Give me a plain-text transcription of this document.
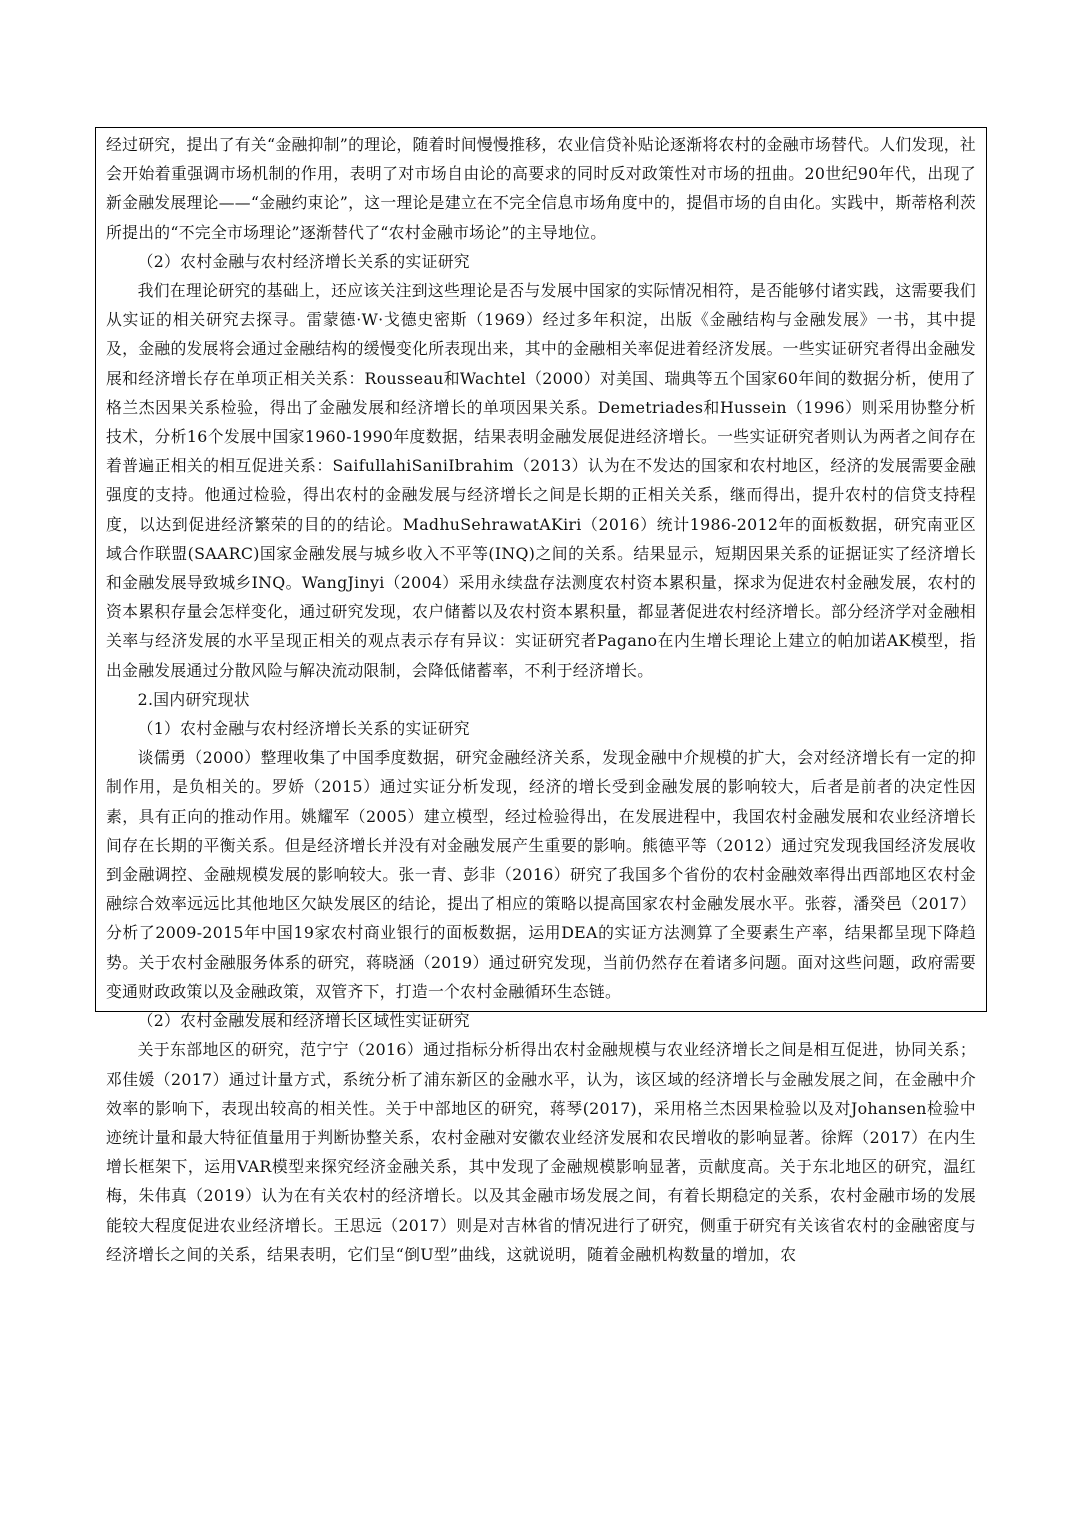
经过研究，提出了有关“金融抑制”的理论，随着时间慢慢推移，农业信贷补贴论逐渐将农村的金融市场替代。人们发现，社会开始着重强调市场机制的作用，表明了对市场自由论的高要求的同时反对政策性对市场的扭曲。20世纪90年代，出现了新金融发展理论——“金融约束论”，这一理论是建立在不完全信息市场角度中的，提倡市场的自由化。实践中，斯蒂格利茨所提出的“不完全市场理论”逐渐替代了“农村金融市场论”的主导地位。

（2）农村金融与农村经济增长关系的实证研究

我们在理论研究的基础上，还应该关注到这些理论是否与发展中国家的实际情况相符，是否能够付诸实践，这需要我们从实证的相关研究去探寻。雷蒙德·W·戈德史密斯（1969）经过多年积淀，出版《金融结构与金融发展》一书，其中提及，金融的发展将会通过金融结构的缓慢变化所表现出来，其中的金融相关率促进着经济发展。一些实证研究者得出金融发展和经济增长存在单项正相关关系：Rousseau和Wachtel（2000）对美国、瑞典等五个国家60年间的数据分析，使用了格兰杰因果关系检验，得出了金融发展和经济增长的单项因果关系。Demetriades和Hussein（1996）则采用协整分析技术，分析16个发展中国家1960-1990年度数据，结果表明金融发展促进经济增长。一些实证研究者则认为两者之间存在着普遍正相关的相互促进关系：SaifullahiSaniIbrahim（2013）认为在不发达的国家和农村地区，经济的发展需要金融强度的支持。他通过检验，得出农村的金融发展与经济增长之间是长期的正相关关系，继而得出，提升农村的信贷支持程度，以达到促进经济繁荣的目的的结论。MadhuSehrawatAKiri（2016）统计1986-2012年的面板数据，研究南亚区域合作联盟(SAARC)国家金融发展与城乡收入不平等(INQ)之间的关系。结果显示，短期因果关系的证据证实了经济增长和金融发展导致城乡INQ。WangJinyi（2004）采用永续盘存法测度农村资本累积量，探求为促进农村金融发展，农村的资本累积存量会怎样变化，通过研究发现，农户储蓄以及农村资本累积量，都显著促进农村经济增长。部分经济学对金融相关率与经济发展的水平呈现正相关的观点表示存有异议：实证研究者Pagano在内生增长理论上建立的帕加诺AK模型，指出金融发展通过分散风险与解决流动限制，会降低储蓄率，不利于经济增长。

2.国内研究现状

（1）农村金融与农村经济增长关系的实证研究

谈儒勇（2000）整理收集了中国季度数据，研究金融经济关系，发现金融中介规模的扩大，会对经济增长有一定的抑制作用，是负相关的。罗娇（2015）通过实证分析发现，经济的增长受到金融发展的影响较大，后者是前者的决定性因素，具有正向的推动作用。姚耀军（2005）建立模型，经过检验得出，在发展进程中，我国农村金融发展和农业经济增长间存在长期的平衡关系。但是经济增长并没有对金融发展产生重要的影响。熊德平等（2012）通过究发现我国经济发展收到金融调控、金融规模发展的影响较大。张一青、彭非（2016）研究了我国多个省份的农村金融效率得出西部地区农村金融综合效率远远比其他地区欠缺发展区的结论，提出了相应的策略以提高国家农村金融发展水平。张蓉，潘癸邑（2017）分析了2009-2015年中国19家农村商业银行的面板数据，运用DEA的实证方法测算了全要素生产率，结果都呈现下降趋势。关于农村金融服务体系的研究，蒋晓涵（2019）通过研究发现，当前仍然存在着诸多问题。面对这些问题，政府需要变通财政政策以及金融政策，双管齐下，打造一个农村金融循环生态链。

（2）农村金融发展和经济增长区域性实证研究

关于东部地区的研究，范宁宁（2016）通过指标分析得出农村金融规模与农业经济增长之间是相互促进，协同关系；邓佳媛（2017）通过计量方式，系统分析了浦东新区的金融水平，认为，该区域的经济增长与金融发展之间，在金融中介效率的影响下，表现出较高的相关性。关于中部地区的研究，蒋琴(2017)，采用格兰杰因果检验以及对Johansen检验中迹统计量和最大特征值量用于判断协整关系，农村金融对安徽农业经济发展和农民增收的影响显著。徐辉（2017）在内生增长框架下，运用VAR模型来探究经济金融关系，其中发现了金融规模影响显著，贡献度高。关于东北地区的研究，温红梅，朱伟真（2019）认为在有关农村的经济增长。以及其金融市场发展之间，有着长期稳定的关系，农村金融市场的发展能较大程度促进农业经济增长。王思远（2017）则是对吉林省的情况进行了研究，侧重于研究有关该省农村的金融密度与经济增长之间的关系，结果表明，它们呈“倒U型”曲线，这就说明，随着金融机构数量的增加，农
